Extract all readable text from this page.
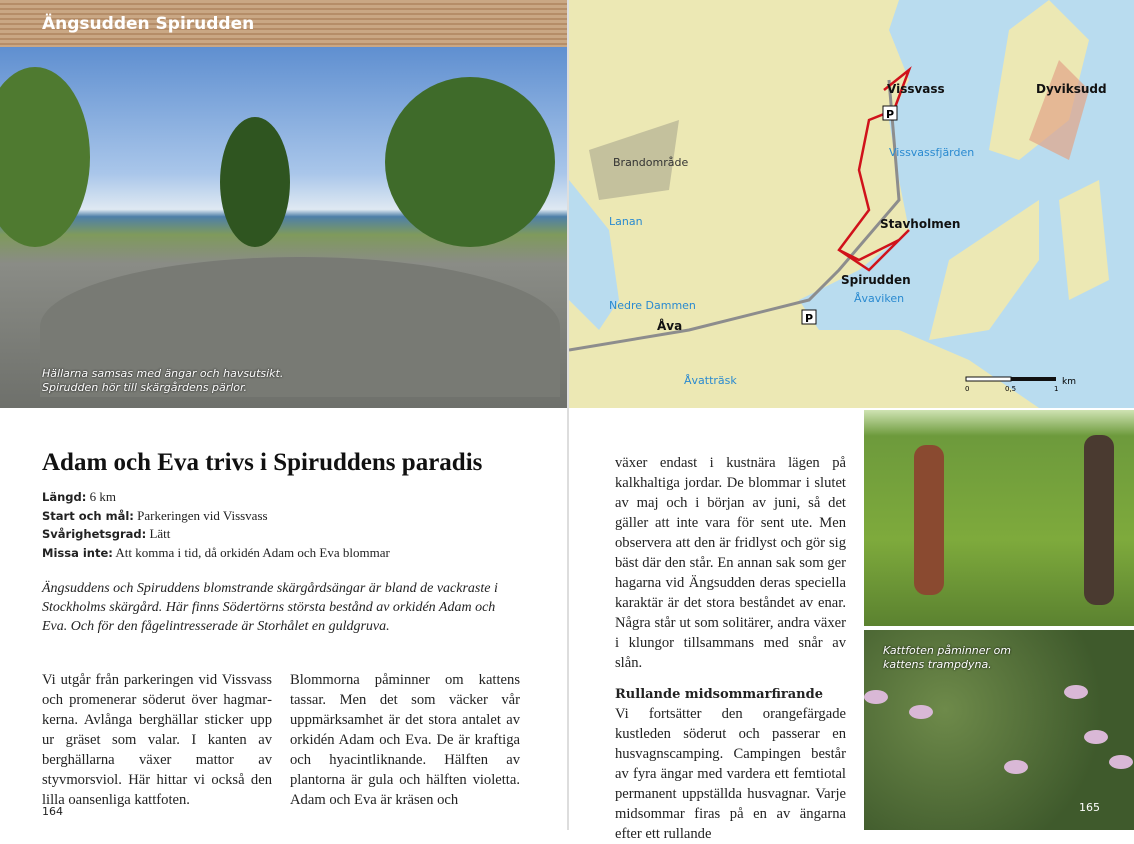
Ängsudden Spirudden
Hällarna samsas med ängar och havsutsikt.
Spirudden hör till skärgårdens pärlor.
Vissvass	Dyviksudd
Stavholmen
Spirudden
Åva
Vissvassfjärden
Lanan
Åvaviken
Nedre Dammen
Åvatträsk
Brandområde
P
P
0	0,5	1
km
Adam och Eva trivs i Spiruddens paradis
Längd: 6 km
Start och mål: Parkeringen vid Vissvass
Svårighetsgrad: Lätt
Missa inte: Att komma i tid, då orkidén Adam och Eva blommar
Ängsuddens och Spiruddens blomstrande skärgårdsängar är bland de vackraste i Stockholms skärgård. Här finns Södertörns största bestånd av orkidén Adam och Eva. Och för den fågelintresserade är Storhålet en guldgruva.
Vi utgår från parkeringen vid Vissvass och promenerar söderut över hagmarkerna. Avlånga berghällar sticker upp ur gräset som valar. I kanten av berghällarna växer mattor av styvmorsviol. Här hittar vi också den lilla oansenliga kattfoten.
Blommorna påminner om kattens tassar. Men det som väcker vår uppmärksamhet är det stora antalet av orkidén Adam och Eva. De är kraftiga och hyacintliknande. Hälften av plantorna är gula och hälften violetta. Adam och Eva är kräsen och
växer endast i kustnära lägen på kalkhaltiga jordar. De blommar i slutet av maj och i början av juni, så det gäller att inte vara för sent ute. Men observera att den är fridlyst och gör sig bäst där den står. En annan sak som ger hagarna vid Ängsudden deras speciella karaktär är det stora beståndet av enar. Några står ut som solitärer, andra växer i klungor tillsammans med snår av slån.
Rullande midsommarfirande
Vi fortsätter den orangefärgade kustleden söderut och passerar en husvagnscamping. Campingen består av fyra ängar med vardera ett femtiotal permanent uppställda husvagnar. Varje midsommar firas på en av ängarna efter ett rullande
164
Kattfoten påminner om
kattens trampdyna.
165
